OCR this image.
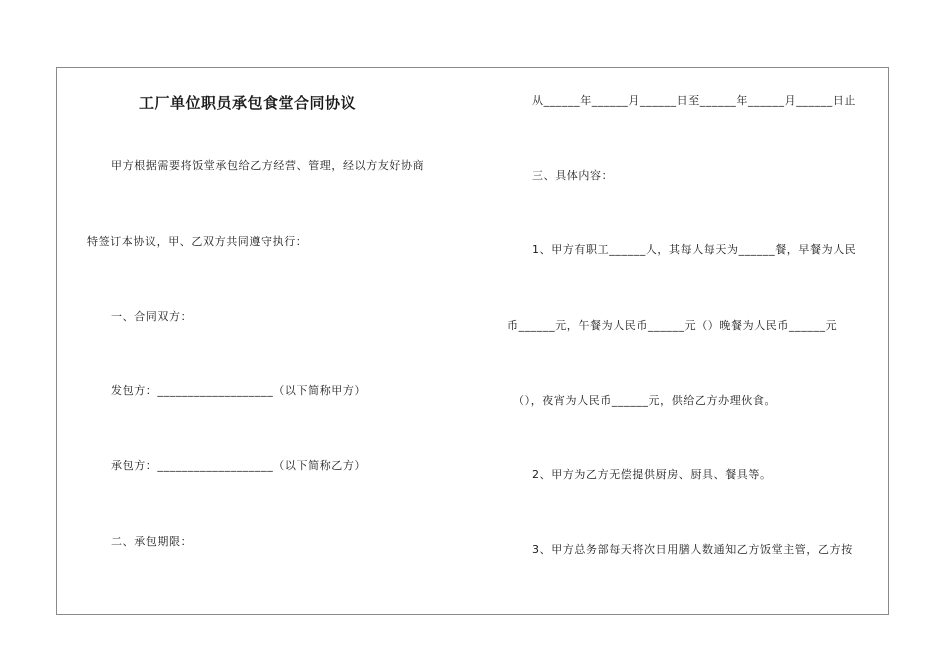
工厂单位职员承包食堂合同协议
甲方根据需要将饭堂承包给乙方经营、管理，经以方友好协商
特签订本协议，甲、乙双方共同遵守执行：
一、合同双方：
发包方：___________________（以下简称甲方）
承包方：___________________（以下简称乙方）
二、承包期限：
从______年______月______日至______年______月______日止
三、具体内容：
1、甲方有职工______人，其每人每天为______餐，早餐为人民
币______元，午餐为人民币______元（）晚餐为人民币______元
（），夜宵为人民币______元，供给乙方办理伙食。
2、甲方为乙方无偿提供厨房、厨具、餐具等。
3、甲方总务部每天将次日用膳人数通知乙方饭堂主管，乙方按
